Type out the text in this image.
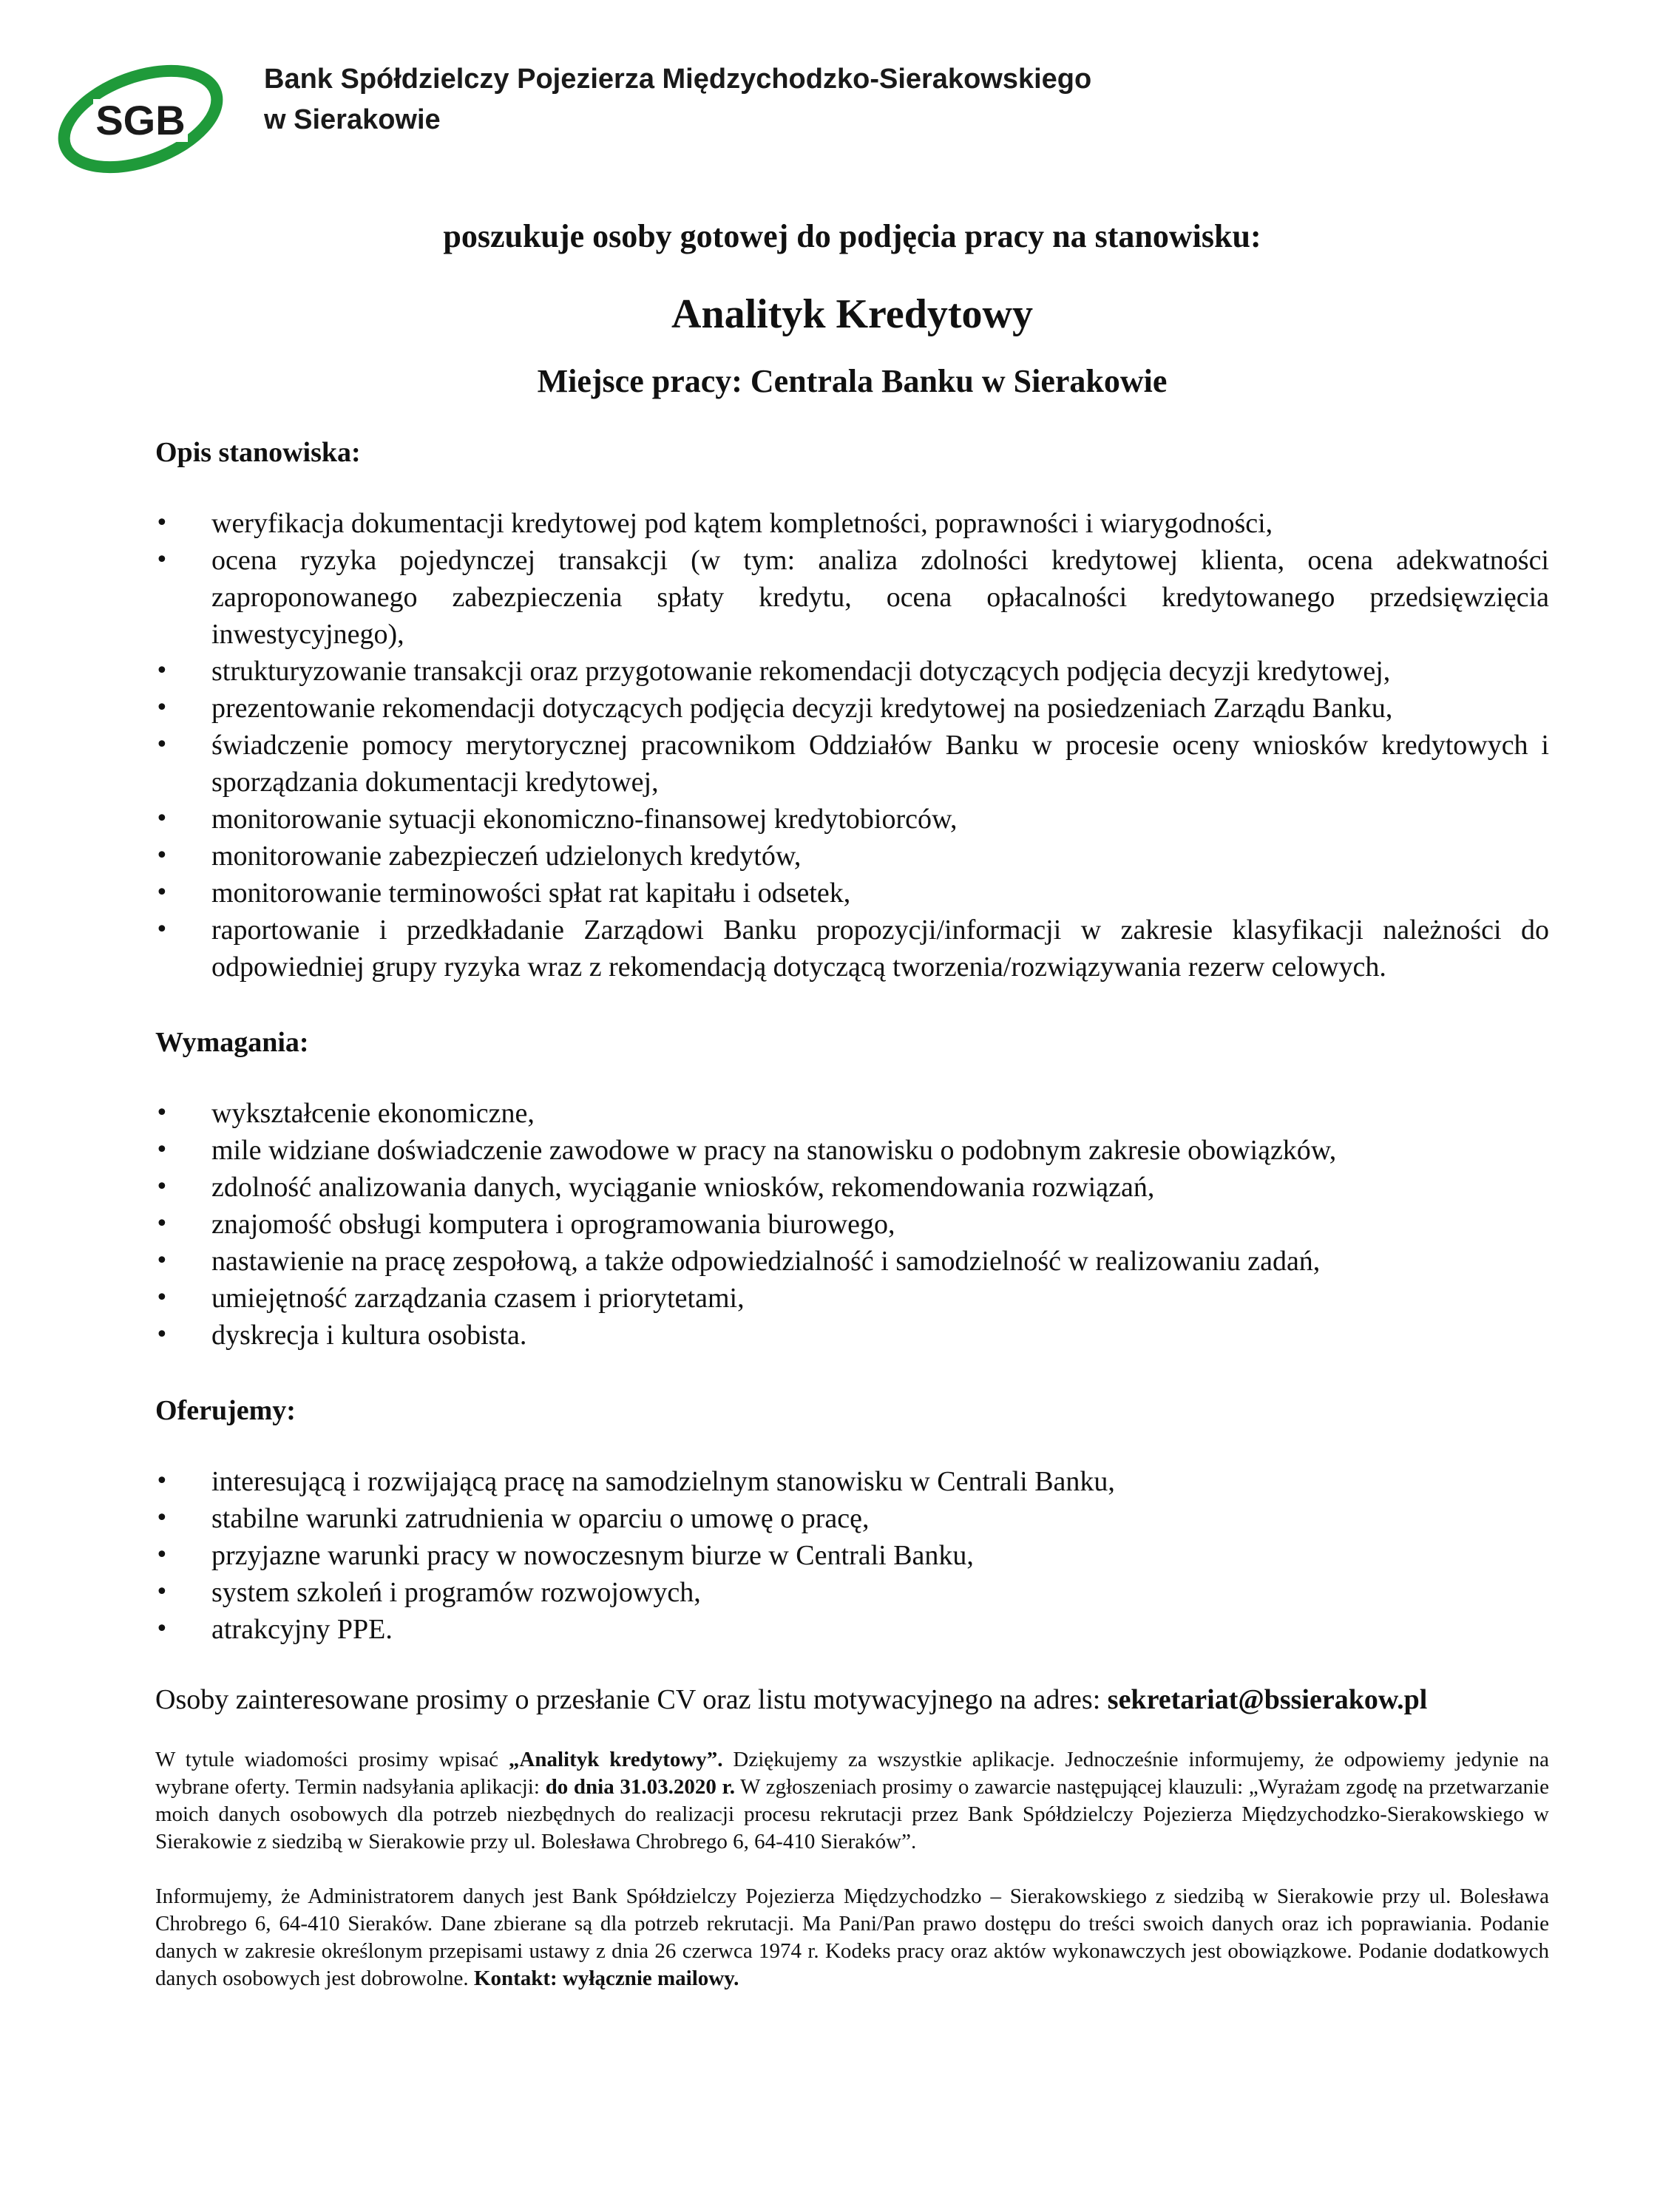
SGB
Bank Spółdzielczy Pojezierza Międzychodzko-Sierakowskiego
w Sierakowie

poszukuje osoby gotowej do podjęcia pracy na stanowisku:

Analityk Kredytowy

Miejsce pracy: Centrala Banku w Sierakowie

Opis stanowiska:
• weryfikacja dokumentacji kredytowej pod kątem kompletności, poprawności i wiarygodności,
• ocena ryzyka pojedynczej transakcji (w tym: analiza zdolności kredytowej klienta, ocena adekwatności zaproponowanego zabezpieczenia spłaty kredytu, ocena opłacalności kredytowanego przedsięwzięcia inwestycyjnego),
• strukturyzowanie transakcji oraz przygotowanie rekomendacji dotyczących podjęcia decyzji kredytowej,
• prezentowanie rekomendacji dotyczących podjęcia decyzji kredytowej na posiedzeniach Zarządu Banku,
• świadczenie pomocy merytorycznej pracownikom Oddziałów Banku w procesie oceny wniosków kredytowych i sporządzania dokumentacji kredytowej,
• monitorowanie sytuacji ekonomiczno-finansowej kredytobiorców,
• monitorowanie zabezpieczeń udzielonych kredytów,
• monitorowanie terminowości spłat rat kapitału i odsetek,
• raportowanie i przedkładanie Zarządowi Banku propozycji/informacji w zakresie klasyfikacji należności do odpowiedniej grupy ryzyka wraz z rekomendacją dotyczącą tworzenia/rozwiązywania rezerw celowych.
Wymagania:
• wykształcenie ekonomiczne,
• mile widziane doświadczenie zawodowe w pracy na stanowisku o podobnym zakresie obowiązków,
• zdolność analizowania danych, wyciąganie wniosków, rekomendowania rozwiązań,
• znajomość obsługi komputera i oprogramowania biurowego,
• nastawienie na pracę zespołową, a także odpowiedzialność i samodzielność w realizowaniu zadań,
• umiejętność zarządzania czasem i priorytetami,
• dyskrecja i kultura osobista.
Oferujemy:
• interesującą i rozwijającą pracę na samodzielnym stanowisku w Centrali Banku,
• stabilne warunki zatrudnienia w oparciu o umowę o pracę,
• przyjazne warunki pracy w nowoczesnym biurze w Centrali Banku,
• system szkoleń i programów rozwojowych,
• atrakcyjny PPE.

Osoby zainteresowane prosimy o przesłanie CV oraz listu motywacyjnego na adres: sekretariat@bssierakow.pl

W tytule wiadomości prosimy wpisać „Analityk kredytowy”. Dziękujemy za wszystkie aplikacje. Jednocześnie informujemy, że odpowiemy jedynie na wybrane oferty. Termin nadsyłania aplikacji: do dnia 31.03.2020 r. W zgłoszeniach prosimy o zawarcie następującej klauzuli: „Wyrażam zgodę na przetwarzanie moich danych osobowych dla potrzeb niezbędnych do realizacji procesu rekrutacji przez Bank Spółdzielczy Pojezierza Międzychodzko-Sierakowskiego w Sierakowie z siedzibą w Sierakowie przy ul. Bolesława Chrobrego 6, 64-410 Sieraków”.

Informujemy, że Administratorem danych jest Bank Spółdzielczy Pojezierza Międzychodzko – Sierakowskiego z siedzibą w Sierakowie przy ul. Bolesława Chrobrego 6, 64-410 Sieraków. Dane zbierane są dla potrzeb rekrutacji. Ma Pani/Pan prawo dostępu do treści swoich danych oraz ich poprawiania. Podanie danych w zakresie określonym przepisami ustawy z dnia 26 czerwca 1974 r. Kodeks pracy oraz aktów wykonawczych jest obowiązkowe. Podanie dodatkowych danych osobowych jest dobrowolne. Kontakt: wyłącznie mailowy.
